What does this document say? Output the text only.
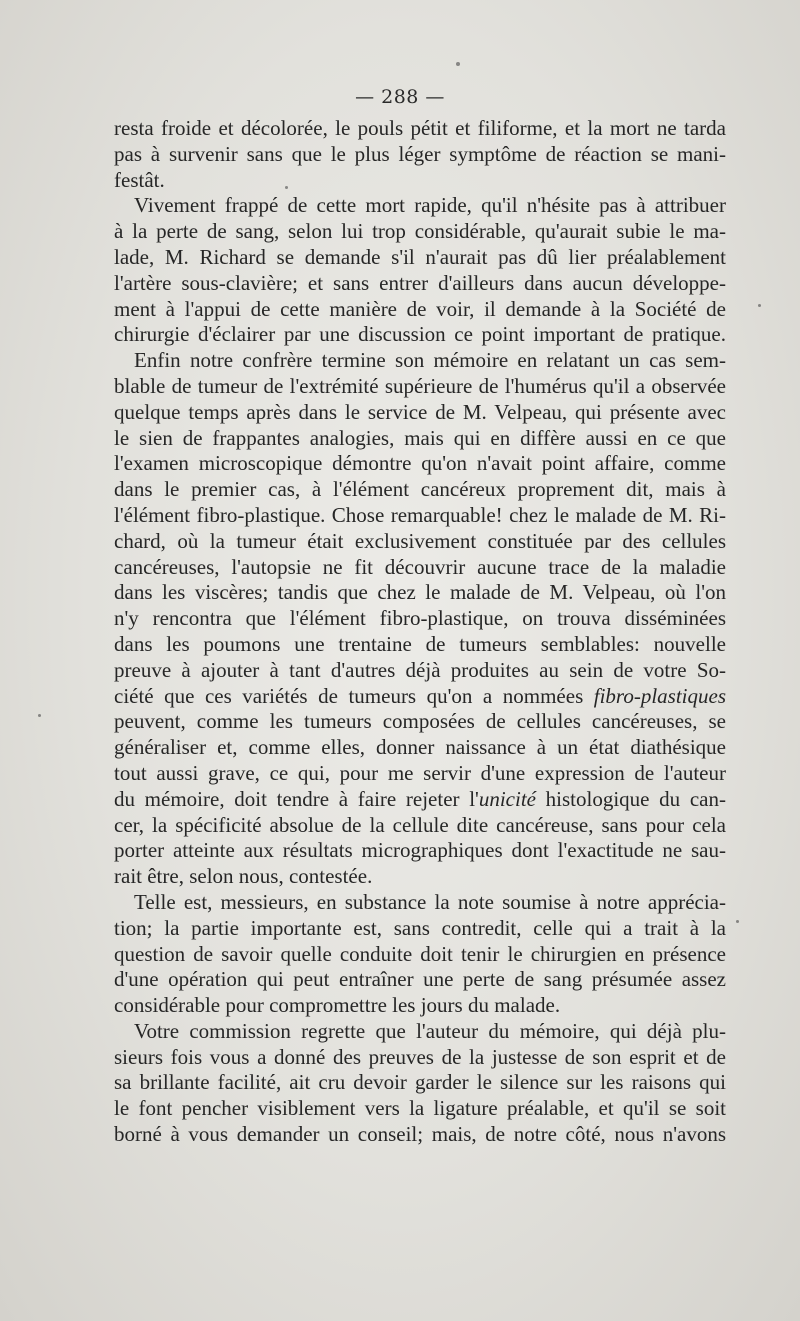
— 288 —

resta froide et décolorée, le pouls pétit et filiforme, et la mort ne tarda
pas à survenir sans que le plus léger symptôme de réaction se mani-
festât.

Vivement frappé de cette mort rapide, qu'il n'hésite pas à attribuer
à la perte de sang, selon lui trop considérable, qu'aurait subie le ma-
lade, M. Richard se demande s'il n'aurait pas dû lier préalablement
l'artère sous-clavière; et sans entrer d'ailleurs dans aucun développe-
ment à l'appui de cette manière de voir, il demande à la Société de
chirurgie d'éclairer par une discussion ce point important de pratique.

Enfin notre confrère termine son mémoire en relatant un cas sem-
blable de tumeur de l'extrémité supérieure de l'humérus qu'il a observée
quelque temps après dans le service de M. Velpeau, qui présente avec
le sien de frappantes analogies, mais qui en diffère aussi en ce que
l'examen microscopique démontre qu'on n'avait point affaire, comme
dans le premier cas, à l'élément cancéreux proprement dit, mais à
l'élément fibro-plastique. Chose remarquable! chez le malade de M. Ri-
chard, où la tumeur était exclusivement constituée par des cellules
cancéreuses, l'autopsie ne fit découvrir aucune trace de la maladie
dans les viscères; tandis que chez le malade de M. Velpeau, où l'on
n'y rencontra que l'élément fibro-plastique, on trouva disséminées
dans les poumons une trentaine de tumeurs semblables: nouvelle
preuve à ajouter à tant d'autres déjà produites au sein de votre So-
ciété que ces variétés de tumeurs qu'on a nommées fibro-plastiques
peuvent, comme les tumeurs composées de cellules cancéreuses, se
généraliser et, comme elles, donner naissance à un état diathésique
tout aussi grave, ce qui, pour me servir d'une expression de l'auteur
du mémoire, doit tendre à faire rejeter l'unicité histologique du can-
cer, la spécificité absolue de la cellule dite cancéreuse, sans pour cela
porter atteinte aux résultats micrographiques dont l'exactitude ne sau-
rait être, selon nous, contestée.

Telle est, messieurs, en substance la note soumise à notre apprécia-
tion; la partie importante est, sans contredit, celle qui a trait à la
question de savoir quelle conduite doit tenir le chirurgien en présence
d'une opération qui peut entraîner une perte de sang présumée assez
considérable pour compromettre les jours du malade.

Votre commission regrette que l'auteur du mémoire, qui déjà plu-
sieurs fois vous a donné des preuves de la justesse de son esprit et de
sa brillante facilité, ait cru devoir garder le silence sur les raisons qui
le font pencher visiblement vers la ligature préalable, et qu'il se soit
borné à vous demander un conseil; mais, de notre côté, nous n'avons
